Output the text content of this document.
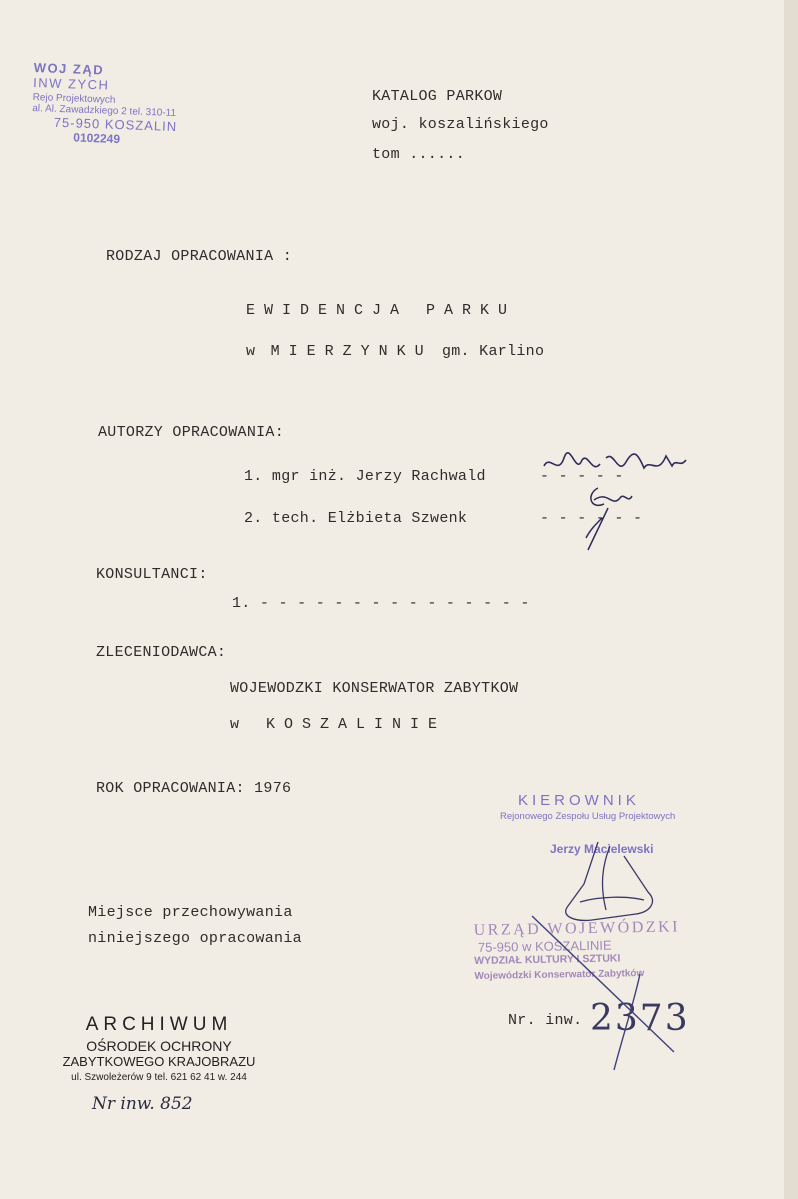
WOJ ZĄD
INW ZYCH
Rejo Projektowych
al. Al. Zawadzkiego 2 tel. 310-11
75-950 KOSZALIN
0102249
KATALOG PARKOW
woj. koszalińskiego
tom ......
RODZAJ OPRACOWANIA :
EWIDENCJA PARKU
w MIERZYNKU gm. Karlino
AUTORZY OPRACOWANIA:
1. mgr inż. Jerzy Rachwald	- - - - -
2. tech. Elżbieta Szwenk	- - - - - -
KONSULTANCI:
1. - - - - - - - - - - - - - - -
ZLECENIODAWCA:
WOJEWODZKI KONSERWATOR ZABYTKOW
w KOSZALINIE
ROK OPRACOWANIA: 1976
Miejsce przechowywania
niniejszego opracowania
Nr. inw. 2373
KIEROWNIK
Rejonowego Zespołu Usług Projektowych
Jerzy Macielewski
URZĄD WOJEWÓDZKI
75-950 w KOSZALINIE
WYDZIAŁ KULTURY I SZTUKI
Wojewódzki Konserwator Zabytków
ARCHIWUM
OŚRODEK OCHRONY
ZABYTKOWEGO KRAJOBRAZU
ul. Szwoleżerów 9 tel. 621 62 41 w. 244
Nr inw. 852
